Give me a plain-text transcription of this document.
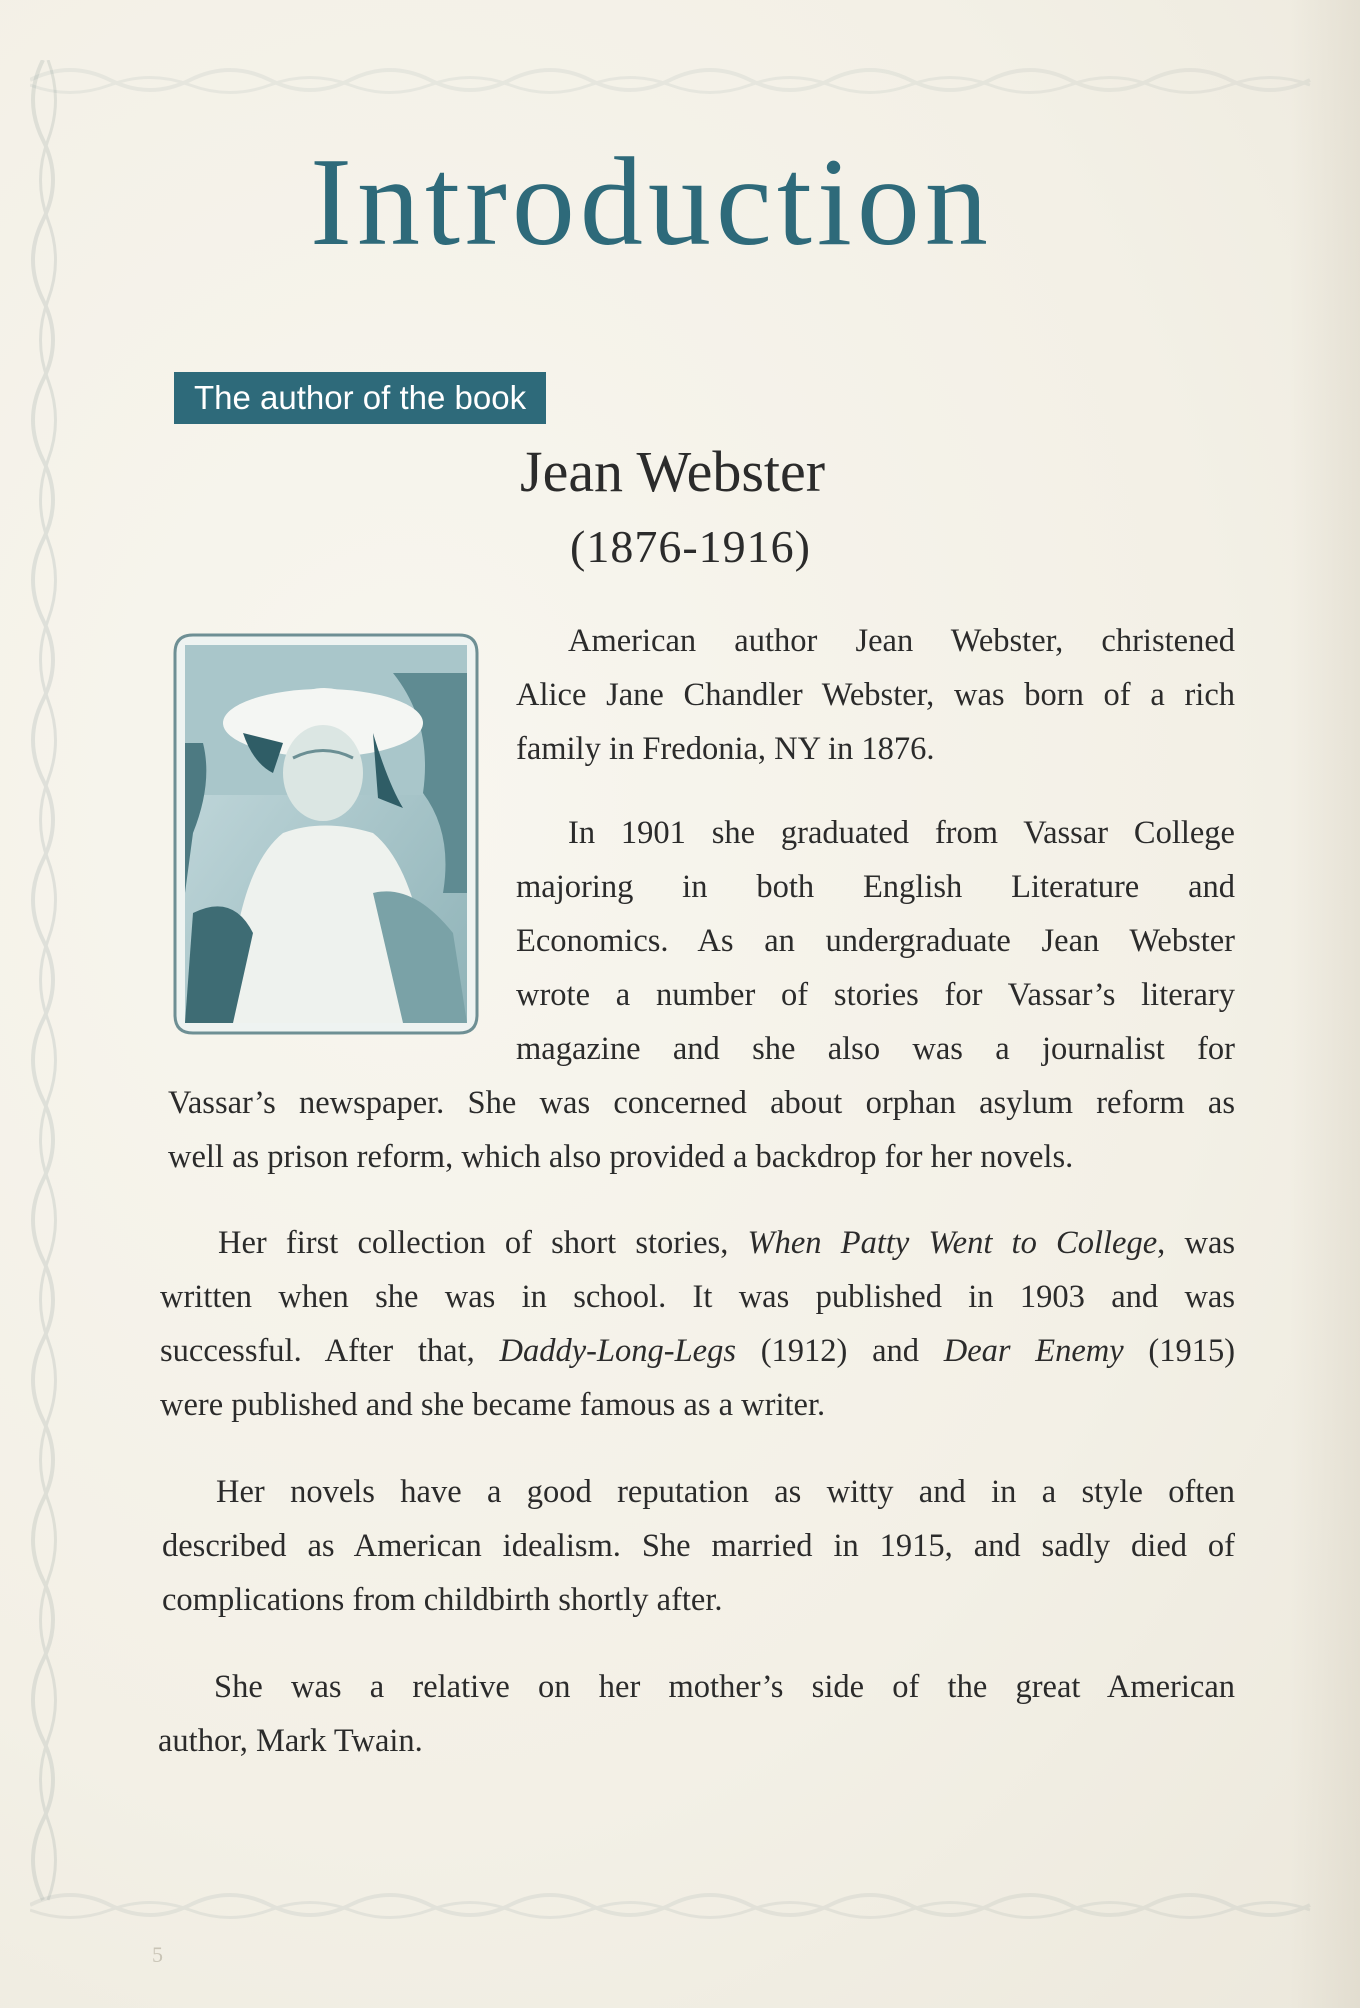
Introduction
The author of the book
Jean Webster
(1876-1916)
American author Jean Webster, christened
Alice Jane Chandler Webster, was born of a rich
family in Fredonia, NY in 1876.
In 1901 she graduated from Vassar College
majoring in both English Literature and
Economics. As an undergraduate Jean Webster
wrote a number of stories for Vassar’s literary
magazine and she also was a journalist for
Vassar’s newspaper. She was concerned about orphan asylum reform as
well as prison reform, which also provided a backdrop for her novels.
Her first collection of short stories, When Patty Went to College, was
written when she was in school. It was published in 1903 and was
successful. After that, Daddy-Long-Legs (1912) and Dear Enemy (1915)
were published and she became famous as a writer.
Her novels have a good reputation as witty and in a style often
described as American idealism. She married in 1915, and sadly died of
complications from childbirth shortly after.
She was a relative on her mother’s side of the great American
author, Mark Twain.
5
